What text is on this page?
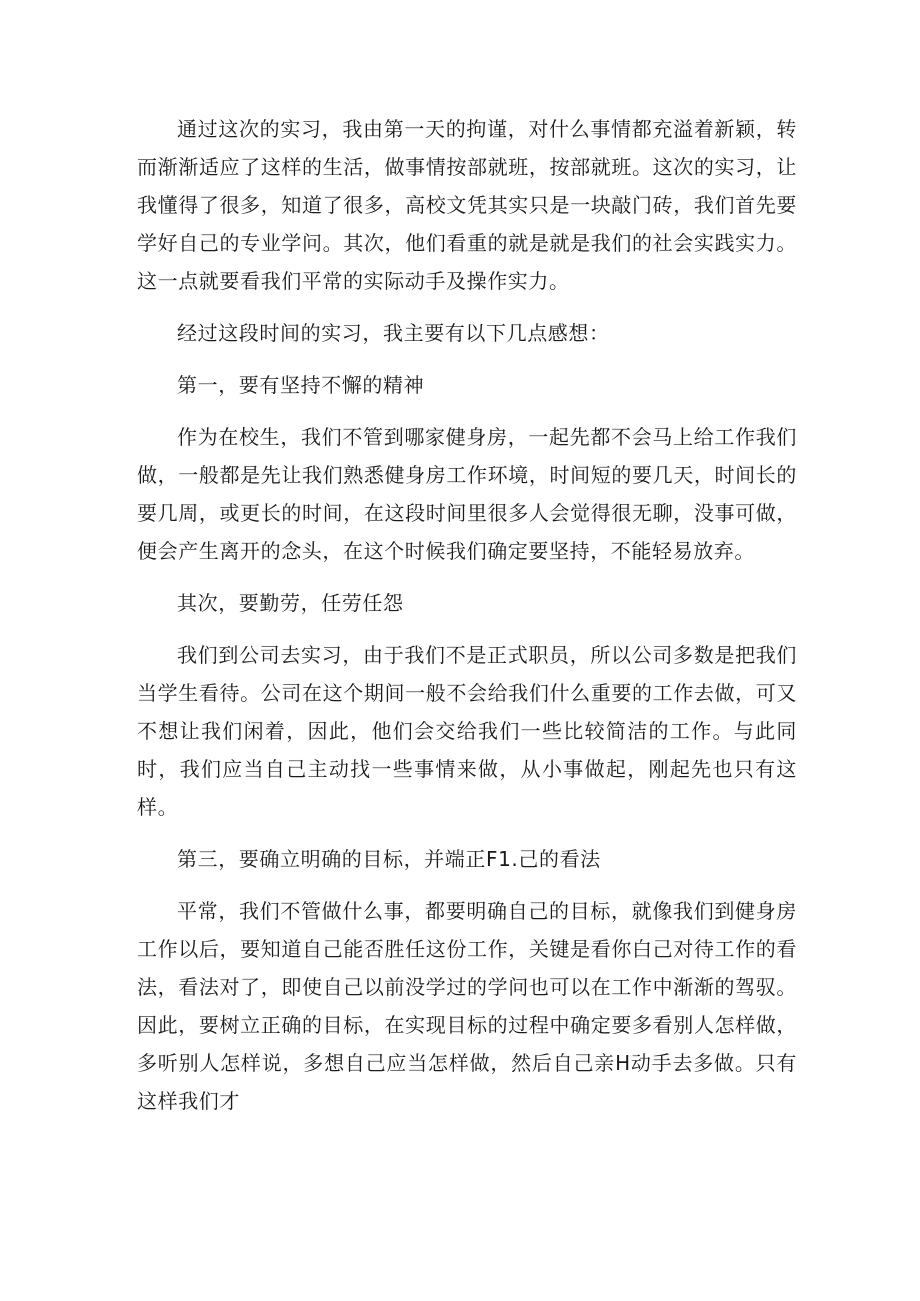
通过这次的实习，我由第一天的拘谨，对什么事情都充溢着新颖，转而渐渐适应了这样的生活，做事情按部就班，按部就班。这次的实习，让我懂得了很多，知道了很多，高校文凭其实只是一块敲门砖，我们首先要学好自己的专业学问。其次，他们看重的就是就是我们的社会实践实力。这一点就要看我们平常的实际动手及操作实力。

经过这段时间的实习，我主要有以下几点感想：

第一，要有坚持不懈的精神

作为在校生，我们不管到哪家健身房，一起先都不会马上给工作我们做，一般都是先让我们熟悉健身房工作环境，时间短的要几天，时间长的要几周，或更长的时间，在这段时间里很多人会觉得很无聊，没事可做，便会产生离开的念头，在这个时候我们确定要坚持，不能轻易放弃。

其次，要勤劳，任劳任怨

我们到公司去实习，由于我们不是正式职员，所以公司多数是把我们当学生看待。公司在这个期间一般不会给我们什么重要的工作去做，可又不想让我们闲着，因此，他们会交给我们一些比较简洁的工作。与此同时，我们应当自己主动找一些事情来做，从小事做起，刚起先也只有这样。

第三，要确立明确的目标，并端正F1.己的看法

平常，我们不管做什么事，都要明确自己的目标，就像我们到健身房工作以后，要知道自己能否胜任这份工作，关键是看你白己对待工作的看法，看法对了，即使自己以前没学过的学问也可以在工作中渐渐的驾驭。因此，要树立正确的目标，在实现目标的过程中确定要多看别人怎样做，多听别人怎样说，多想自己应当怎样做，然后自己亲H动手去多做。只有这样我们才
